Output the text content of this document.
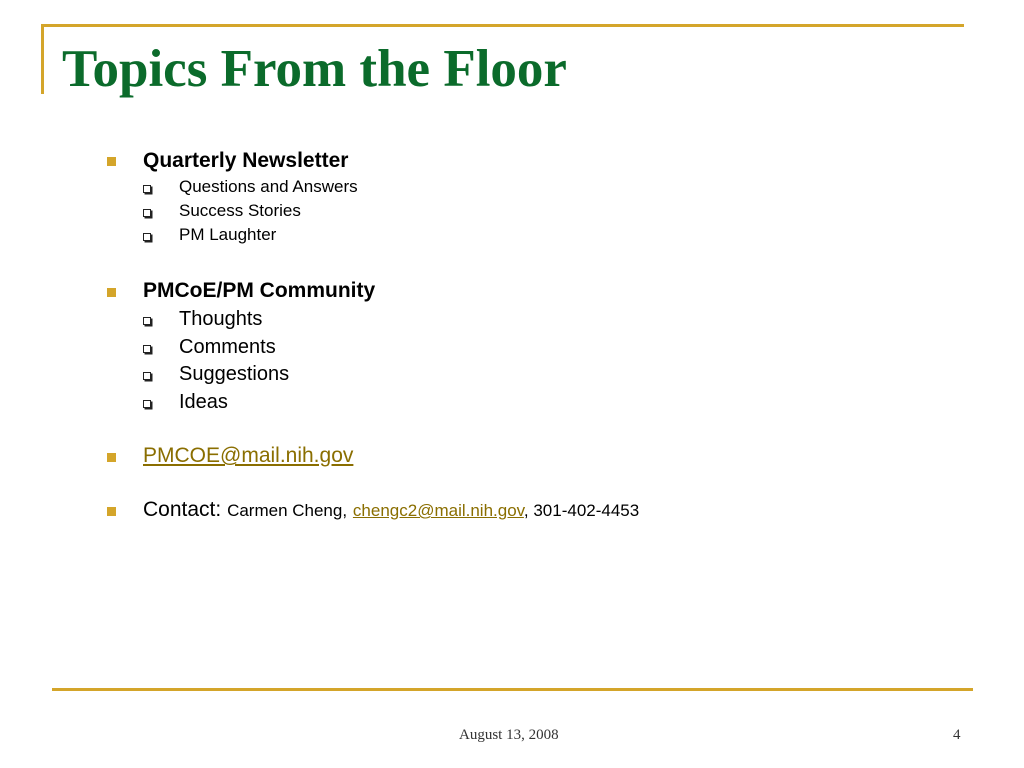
Topics From the Floor
Quarterly Newsletter
Questions and Answers
Success Stories
PM Laughter
PMCoE/PM Community
Thoughts
Comments
Suggestions
Ideas
PMCOE@mail.nih.gov
Contact: Carmen Cheng, chengc2@mail.nih.gov, 301-402-4453
August 13, 2008	4
